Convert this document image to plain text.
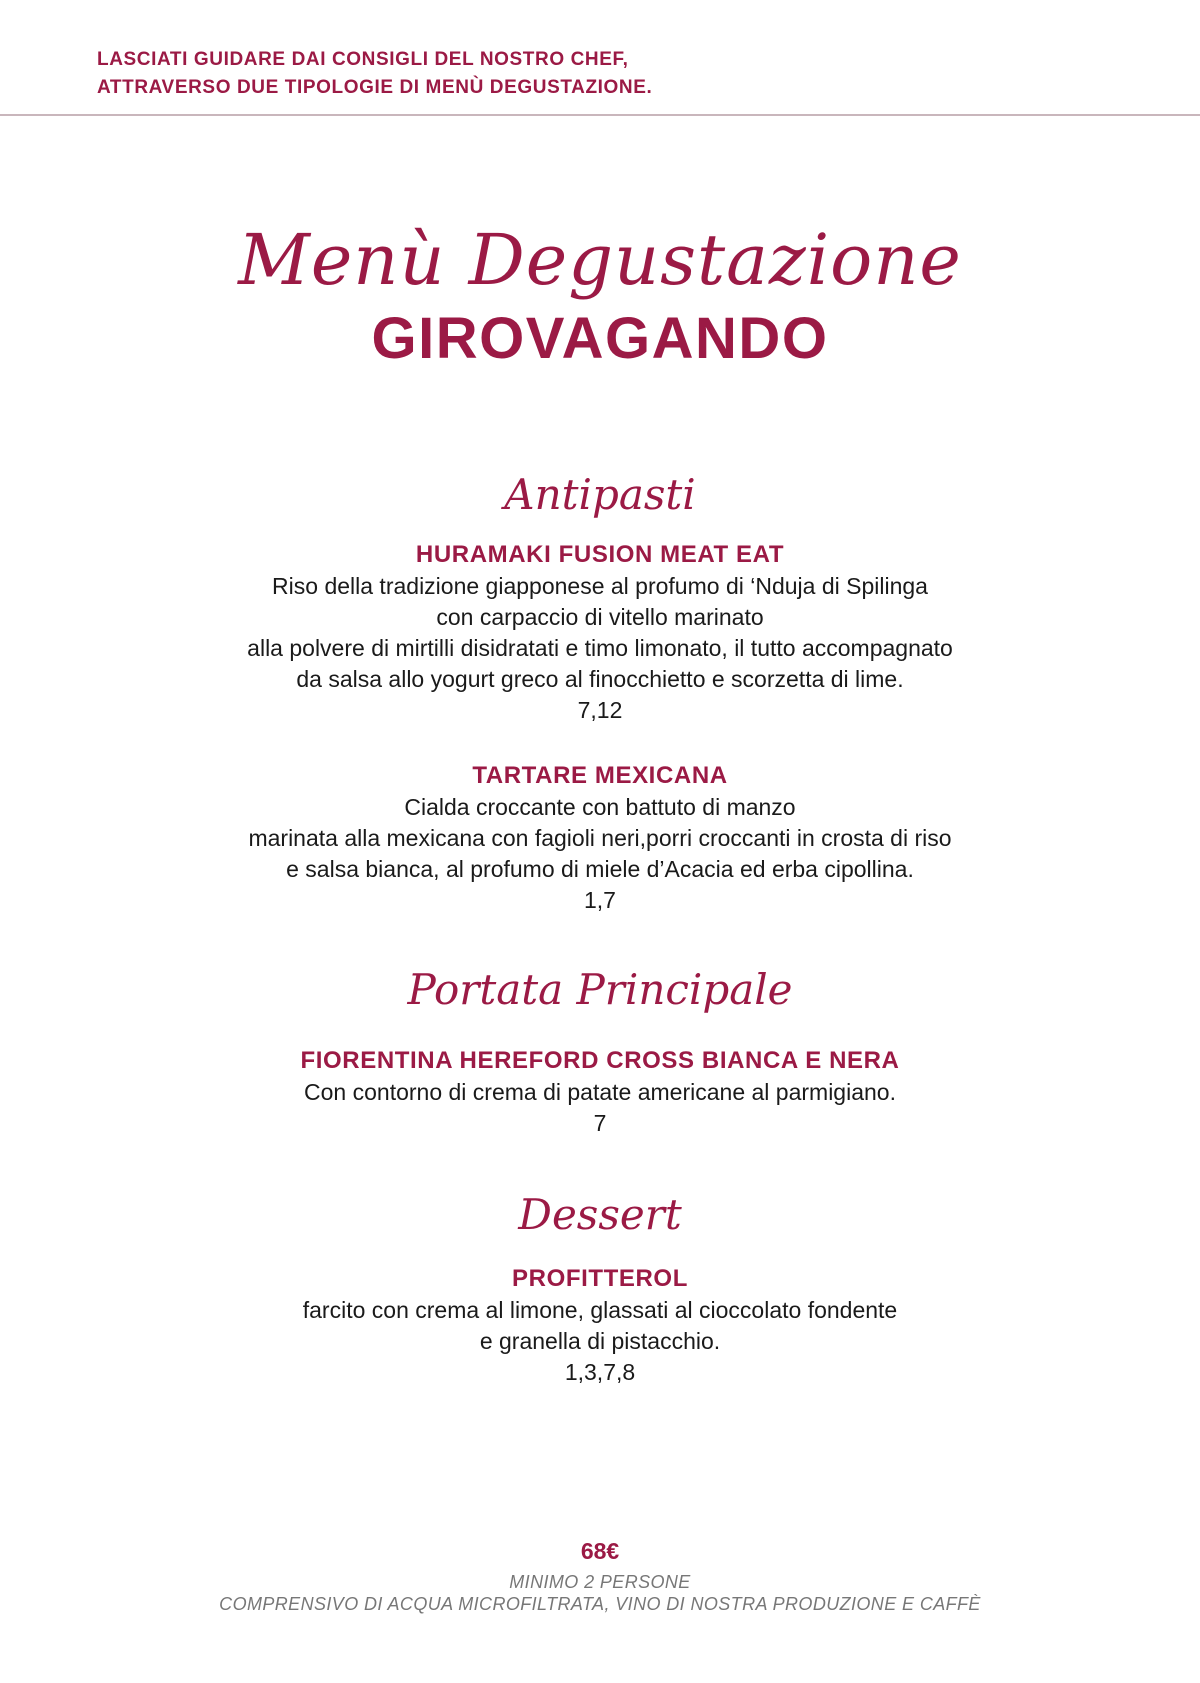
LASCIATI GUIDARE DAI CONSIGLI DEL NOSTRO CHEF,
ATTRAVERSO DUE TIPOLOGIE DI MENÙ DEGUSTAZIONE.
Menù Degustazione
GIROVAGANDO
Antipasti
HURAMAKI FUSION MEAT EAT
Riso della tradizione giapponese al profumo di ‘Nduja di Spilinga
con carpaccio di vitello marinato
alla polvere di mirtilli disidratati e timo limonato, il tutto accompagnato
da salsa allo yogurt greco al finocchietto e scorzetta di lime.
7,12
TARTARE MEXICANA
Cialda croccante con battuto di manzo
marinata alla mexicana con fagioli neri,porri croccanti in crosta di riso
e salsa bianca, al profumo di miele d’Acacia ed erba cipollina.
1,7
Portata Principale
FIORENTINA HEREFORD CROSS BIANCA E NERA
Con contorno di crema di patate americane al parmigiano.
7
Dessert
PROFITTEROL
farcito con crema al limone, glassati al cioccolato fondente
e granella di pistacchio.
1,3,7,8
68€
MINIMO 2 PERSONE
COMPRENSIVO DI ACQUA MICROFILTRATA, VINO DI NOSTRA PRODUZIONE E CAFFÈ
